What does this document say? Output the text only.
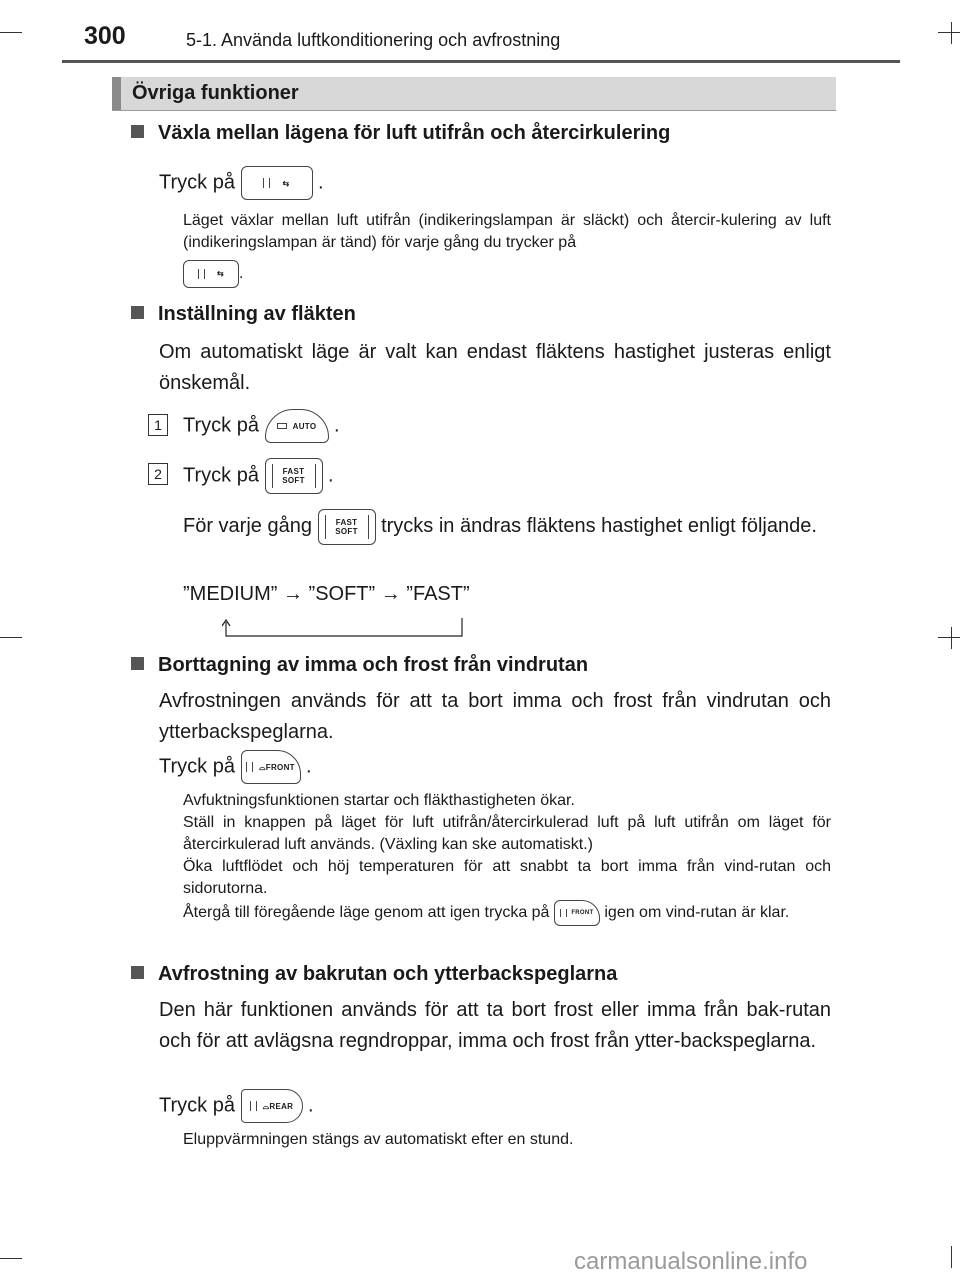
300	5-1. Använda luftkonditionering och avfrostning
Övriga funktioner
Växla mellan lägena för luft utifrån och återcirkulering
Tryck på	⇆ .
Läget växlar mellan luft utifrån (indikeringslampan är släckt) och återcir-kulering av luft (indikeringslampan är tänd) för varje gång du trycker på
⇆ .
Inställning av fläkten
Om automatiskt läge är valt kan endast fläktens hastighet justeras enligt önskemål.
1	Tryck på	AUTO .
2	Tryck på	FAST
SOFT .
För varje gång	FAST
SOFT trycks in ändras fläktens hastighet enligt följande.
”MEDIUM” → ”SOFT” → ”FAST”
Borttagning av imma och frost från vindrutan
Avfrostningen används för att ta bort imma och frost från vindrutan och ytterbackspeglarna.
Tryck på	⌓ FRONT .
Avfuktningsfunktionen startar och fläkthastigheten ökar.
Ställ in knappen på läget för luft utifrån/återcirkulerad luft på luft utifrån om läget för återcirkulerad luft används. (Växling kan ske automatiskt.)
Öka luftflödet och höj temperaturen för att snabbt ta bort imma från vind-rutan och sidorutorna.
Återgå till föregående läge genom att igen trycka på	FRONT igen om vind-rutan är klar.
Avfrostning av bakrutan och ytterbackspeglarna
Den här funktionen används för att ta bort frost eller imma från bak-rutan och för att avlägsna regndroppar, imma och frost från ytter-backspeglarna.
Tryck på	⌓ REAR .
Eluppvärmningen stängs av automatiskt efter en stund.
carmanualsonline.info
